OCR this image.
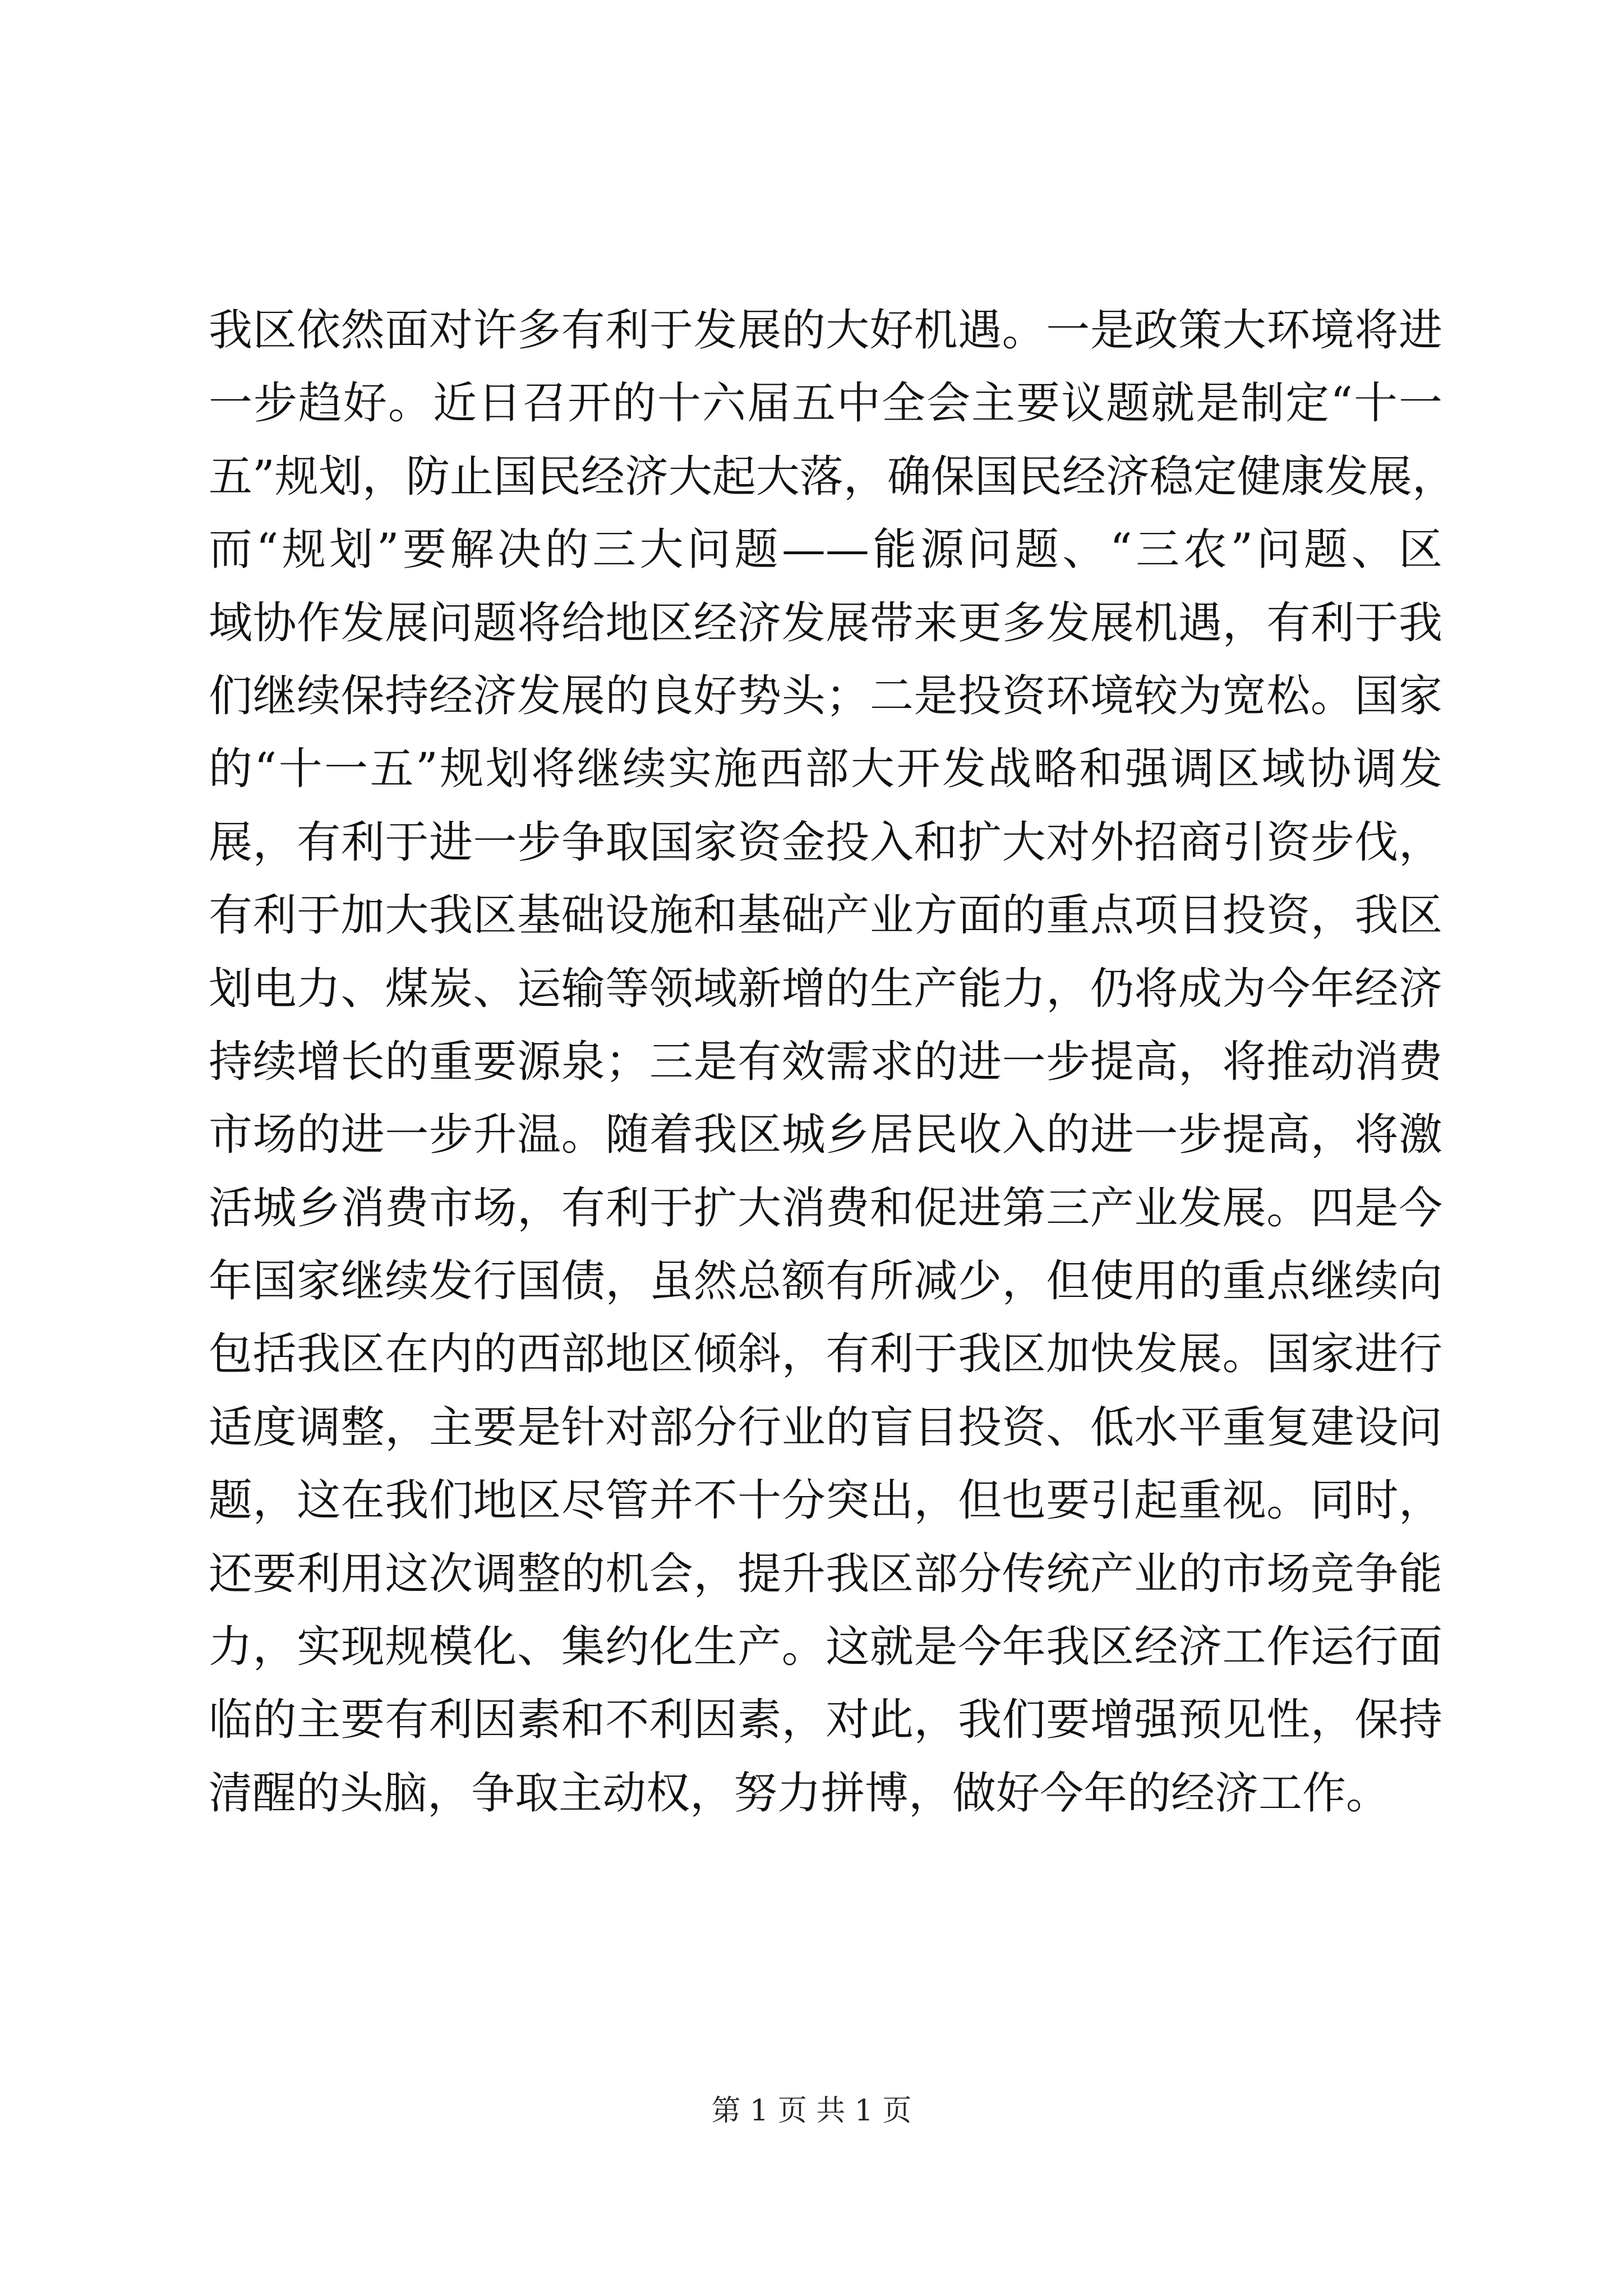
我区依然面对许多有利于发展的大好机遇。一是政策大环境将进
一步趋好。近日召开的十六届五中全会主要议题就是制定“十一
五”规划，防止国民经济大起大落，确保国民经济稳定健康发展，
而“规划”要解决的三大问题——能源问题、“三农”问题、区
域协作发展问题将给地区经济发展带来更多发展机遇，有利于我
们继续保持经济发展的良好势头；二是投资环境较为宽松。国家
的“十一五”规划将继续实施西部大开发战略和强调区域协调发
展，有利于进一步争取国家资金投入和扩大对外招商引资步伐，
有利于加大我区基础设施和基础产业方面的重点项目投资，我区
划电力、煤炭、运输等领域新增的生产能力，仍将成为今年经济
持续增长的重要源泉；三是有效需求的进一步提高，将推动消费
市场的进一步升温。随着我区城乡居民收入的进一步提高，将激
活城乡消费市场，有利于扩大消费和促进第三产业发展。四是今
年国家继续发行国债，虽然总额有所减少，但使用的重点继续向
包括我区在内的西部地区倾斜，有利于我区加快发展。国家进行
适度调整，主要是针对部分行业的盲目投资、低水平重复建设问
题，这在我们地区尽管并不十分突出，但也要引起重视。同时，
还要利用这次调整的机会，提升我区部分传统产业的市场竞争能
力，实现规模化、集约化生产。这就是今年我区经济工作运行面
临的主要有利因素和不利因素，对此，我们要增强预见性，保持
清醒的头脑，争取主动权，努力拼博，做好今年的经济工作。
第 1 页 共 1 页
